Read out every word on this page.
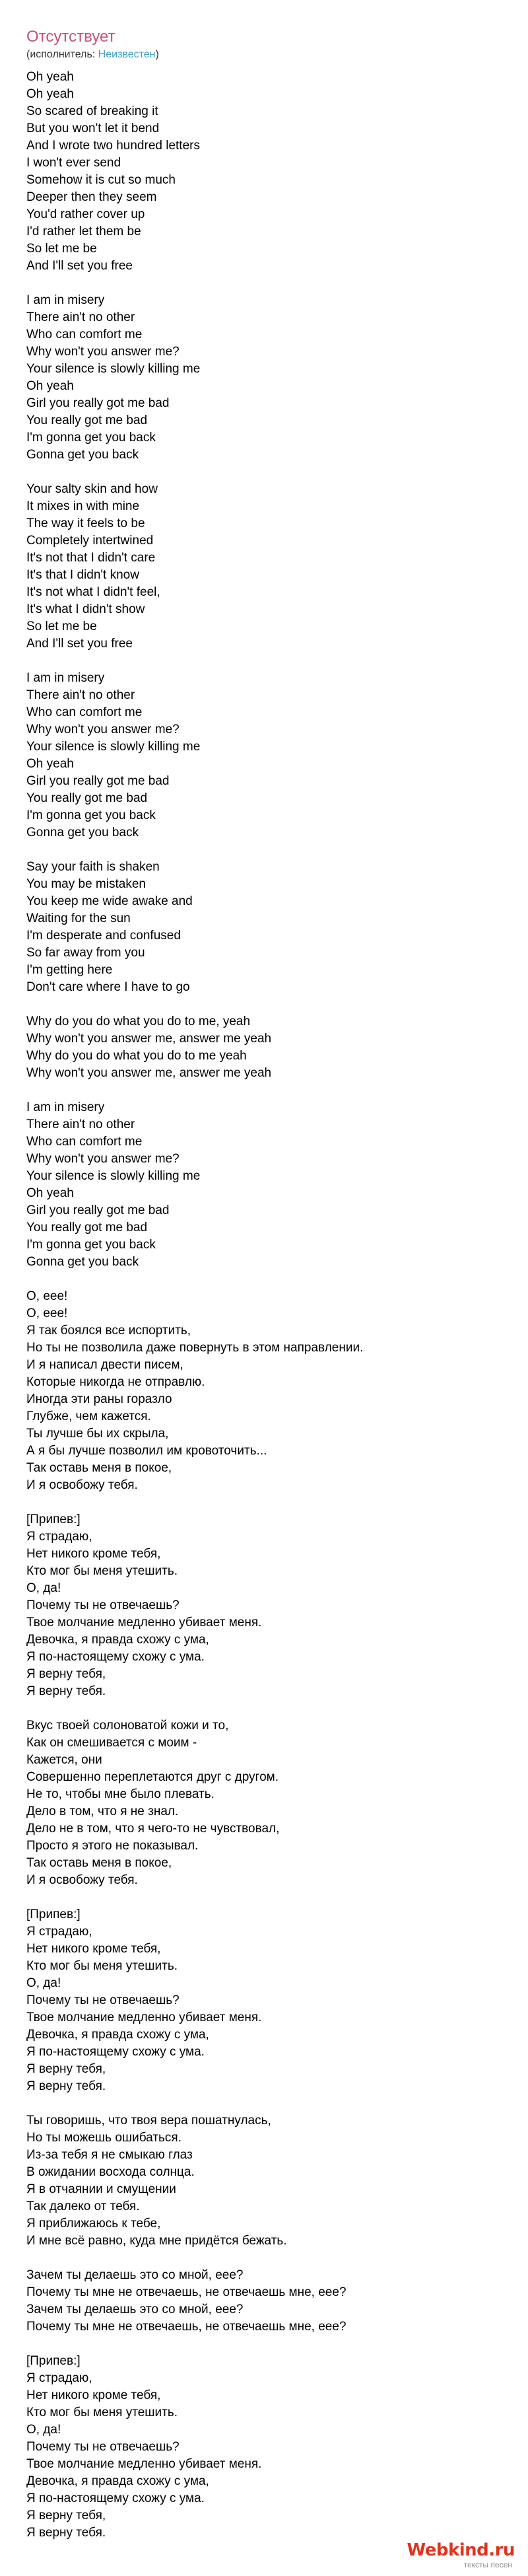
Отсутствует
(исполнитель: Неизвестен)
Oh yeah
Oh yeah
So scared of breaking it
But you won't let it bend
And I wrote two hundred letters
I won't ever send
Somehow it is cut so much
Deeper then they seem
You'd rather cover up
I'd rather let them be
So let me be
And I'll set you free
I am in misery
There ain't no other
Who can comfort me
Why won't you answer me?
Your silence is slowly killing me
Oh yeah
Girl you really got me bad
You really got me bad
I'm gonna get you back
Gonna get you back
Your salty skin and how
It mixes in with mine
The way it feels to be
Completely intertwined
It's not that I didn't care
It's that I didn't know
It's not what I didn't feel,
It's what I didn't show
So let me be
And I'll set you free
I am in misery
There ain't no other
Who can comfort me
Why won't you answer me?
Your silence is slowly killing me
Oh yeah
Girl you really got me bad
You really got me bad
I'm gonna get you back
Gonna get you back
Say your faith is shaken
You may be mistaken
You keep me wide awake and
Waiting for the sun
I'm desperate and confused
So far away from you
I'm getting here
Don't care where I have to go
Why do you do what you do to me, yeah
Why won't you answer me, answer me yeah
Why do you do what you do to me yeah
Why won't you answer me, answer me yeah
I am in misery
There ain't no other
Who can comfort me
Why won't you answer me?
Your silence is slowly killing me
Oh yeah
Girl you really got me bad
You really got me bad
I'm gonna get you back
Gonna get you back
О, еее!
О, еее!
Я так боялся все испортить,
Но ты не позволила даже повернуть в этом направлении.
И я написал двести писем,
Которые никогда не отправлю.
Иногда эти раны горазло
Глубже, чем кажется.
Ты лучше бы их скрыла,
А я бы лучше позволил им кровоточить...
Так оставь меня в покое,
И я освобожу тебя.
[Припев:]
Я страдаю,
Нет никого кроме тебя,
Кто мог бы меня утешить.
О, да!
Почему ты не отвечаешь?
Твое молчание медленно убивает меня.
Девочка, я правда схожу с ума,
Я по-настоящему схожу с ума.
Я верну тебя,
Я верну тебя.
Вкус твоей солоноватой кожи и то,
Как он смешивается с моим -
Кажется, они
Совершенно переплетаются друг с другом.
Не то, чтобы мне было плевать.
Дело в том, что я не знал.
Дело не в том, что я чего-то не чувствовал,
Просто я этого не показывал.
Так оставь меня в покое,
И я освобожу тебя.
[Припев:]
Я страдаю,
Нет никого кроме тебя,
Кто мог бы меня утешить.
О, да!
Почему ты не отвечаешь?
Твое молчание медленно убивает меня.
Девочка, я правда схожу с ума,
Я по-настоящему схожу с ума.
Я верну тебя,
Я верну тебя.
Ты говоришь, что твоя вера пошатнулась,
Но ты можешь ошибаться.
Из-за тебя я не смыкаю глаз
В ожидании восхода солнца.
Я в отчаянии и смущении
Так далеко от тебя.
Я приближаюсь к тебе,
И мне всё равно, куда мне придётся бежать.
Зачем ты делаешь это со мной, еее?
Почему ты мне не отвечаешь, не отвечаешь мне, еее?
Зачем ты делаешь это со мной, еее?
Почему ты мне не отвечаешь, не отвечаешь мне, еее?
[Припев:]
Я страдаю,
Нет никого кроме тебя,
Кто мог бы меня утешить.
О, да!
Почему ты не отвечаешь?
Твое молчание медленно убивает меня.
Девочка, я правда схожу с ума,
Я по-настоящему схожу с ума.
Я верну тебя,
Я верну тебя.
Webkind.ru
тексты песен
